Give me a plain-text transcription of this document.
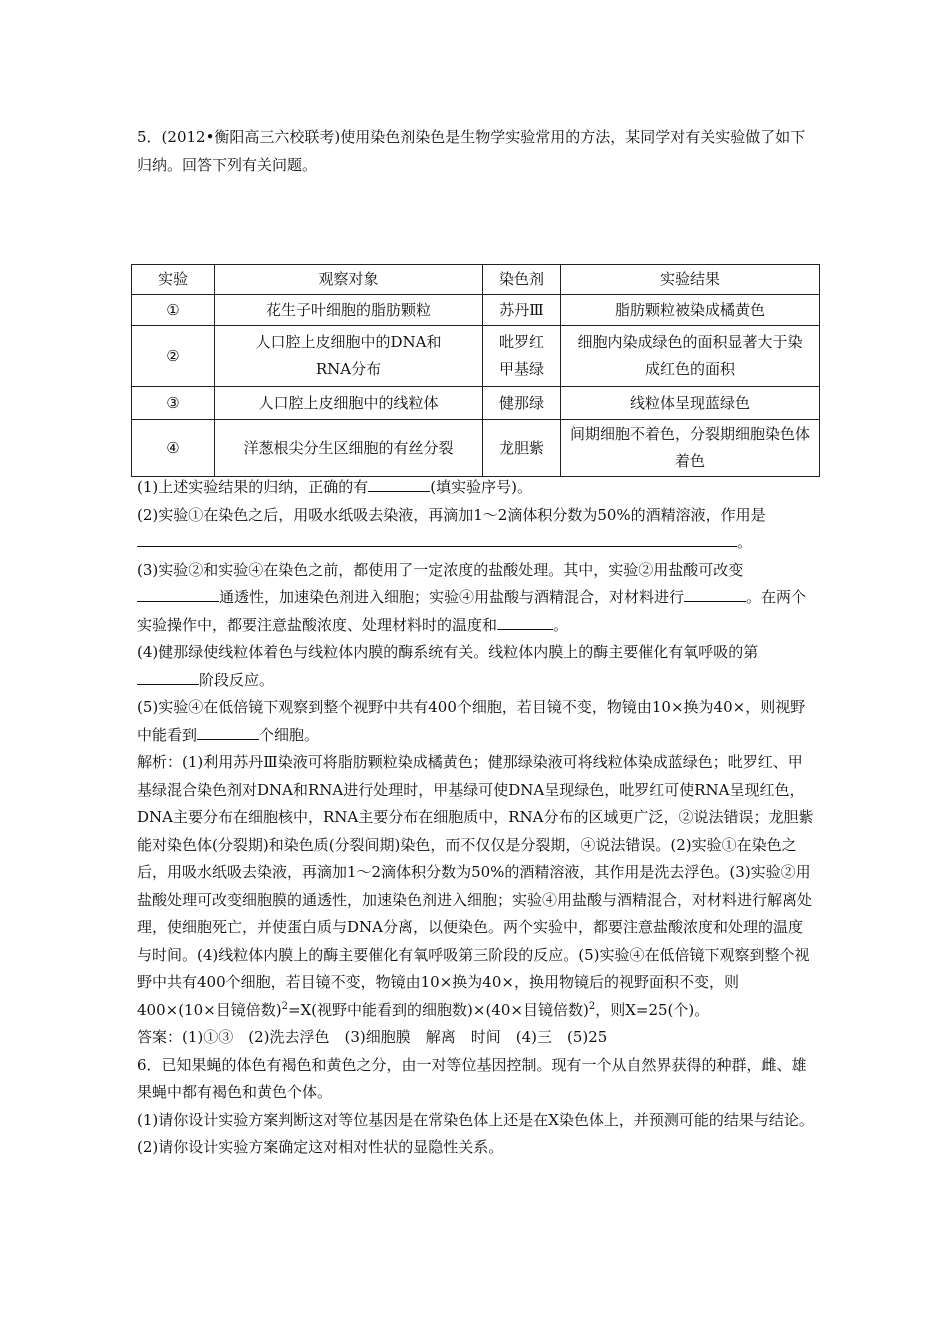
5．(2012•衡阳高三六校联考)使用染色剂染色是生物学实验常用的方法，某同学对有关实验做了如下归纳。回答下列有关问题。

实验	观察对象	染色剂	实验结果
①	花生子叶细胞的脂肪颗粒	苏丹Ⅲ	脂肪颗粒被染成橘黄色
②	人口腔上皮细胞中的DNA和RNA分布	吡罗红甲基绿	细胞内染成绿色的面积显著大于染成红色的面积
③	人口腔上皮细胞中的线粒体	健那绿	线粒体呈现蓝绿色
④	洋葱根尖分生区细胞的有丝分裂	龙胆紫	间期细胞不着色，分裂期细胞染色体着色
(1)上述实验结果的归纳，正确的有	(填实验序号)。
(2)实验①在染色之后，用吸水纸吸去染液，再滴加1～2滴体积分数为50%的酒精溶液，作用是
。
(3)实验②和实验④在染色之前，都使用了一定浓度的盐酸处理。其中，实验②用盐酸可改变通透性，加速染色剂进入细胞；实验④用盐酸与酒精混合，对材料进行	。在两个实验操作中，都要注意盐酸浓度、处理材料时的温度和	。
(4)健那绿使线粒体着色与线粒体内膜的酶系统有关。线粒体内膜上的酶主要催化有氧呼吸的第阶段反应。
(5)实验④在低倍镜下观察到整个视野中共有400个细胞，若目镜不变，物镜由10×换为40×，则视野中能看到	个细胞。
解析：(1)利用苏丹Ⅲ染液可将脂肪颗粒染成橘黄色；健那绿染液可将线粒体染成蓝绿色；吡罗红、甲基绿混合染色剂对DNA和RNA进行处理时，甲基绿可使DNA呈现绿色，吡罗红可使RNA呈现红色，DNA主要分布在细胞核中，RNA主要分布在细胞质中，RNA分布的区域更广泛，②说法错误；龙胆紫能对染色体(分裂期)和染色质(分裂间期)染色，而不仅仅是分裂期，④说法错误。(2)实验①在染色之后，用吸水纸吸去染液，再滴加1～2滴体积分数为50%的酒精溶液，其作用是洗去浮色。(3)实验②用盐酸处理可改变细胞膜的通透性，加速染色剂进入细胞；实验④用盐酸与酒精混合，对材料进行解离处理，使细胞死亡，并使蛋白质与DNA分离，以便染色。两个实验中，都要注意盐酸浓度和处理的温度与时间。(4)线粒体内膜上的酶主要催化有氧呼吸第三阶段的反应。(5)实验④在低倍镜下观察到整个视野中共有400个细胞，若目镜不变，物镜由10×换为40×，换用物镜后的视野面积不变，则400×(10×目镜倍数)$^2$=X(视野中能看到的细胞数)×(40×目镜倍数)$^2$，则X=25(个)。
答案：(1)①③　(2)洗去浮色　(3)细胞膜　解离　时间　(4)三　(5)25
6．已知果蝇的体色有褐色和黄色之分，由一对等位基因控制。现有一个从自然界获得的种群，雌、雄果蝇中都有褐色和黄色个体。
(1)请你设计实验方案判断这对等位基因是在常染色体上还是在X染色体上，并预测可能的结果与结论。
(2)请你设计实验方案确定这对相对性状的显隐性关系。
